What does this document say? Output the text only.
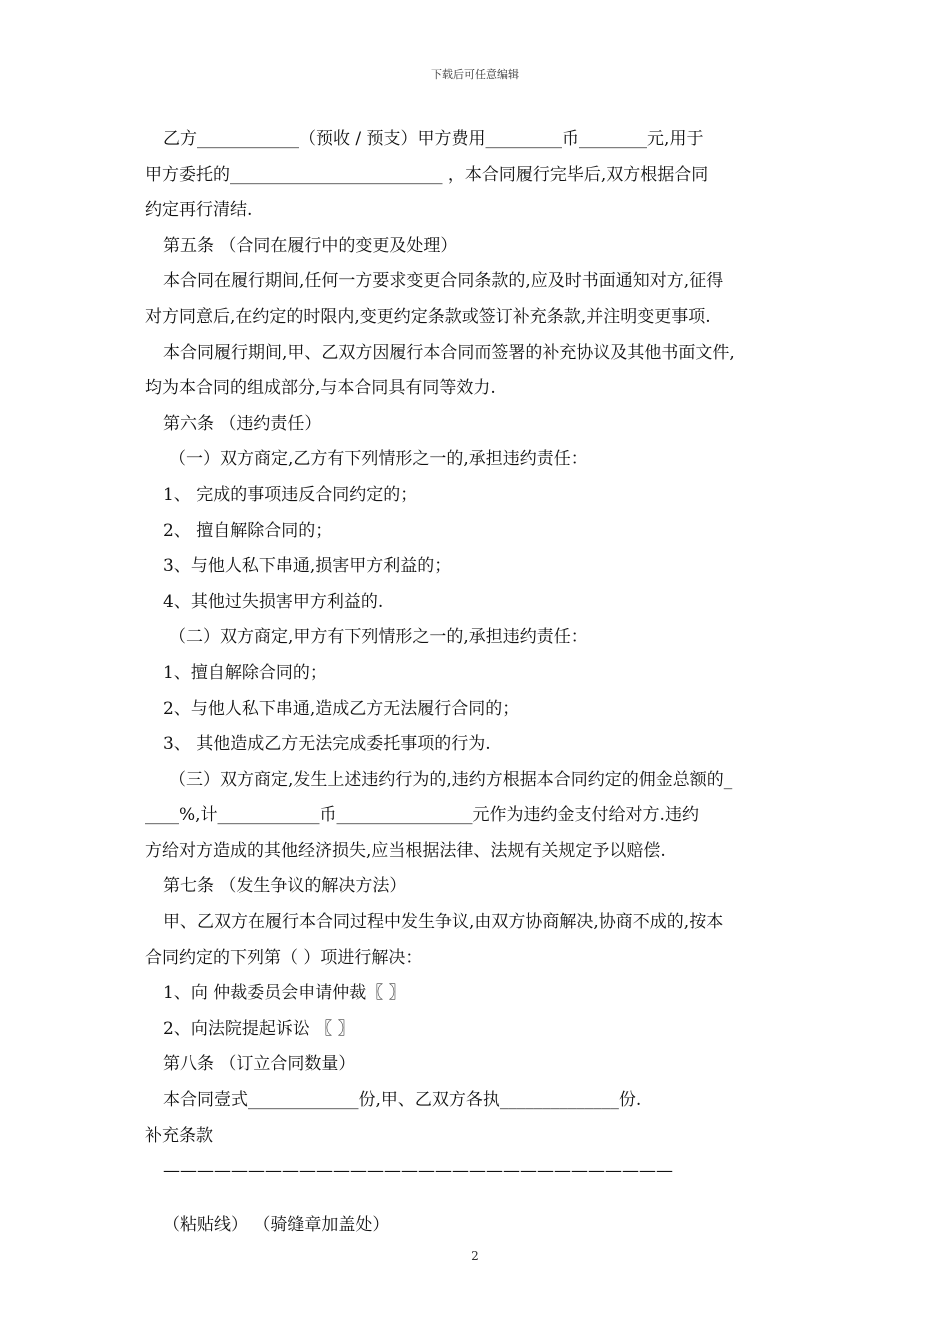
下载后可任意编辑
乙方____________（预收 / 预支）甲方费用_________币________元,用于
甲方委托的_________________________ ，本合同履行完毕后,双方根据合同
约定再行清结.
第五条 （合同在履行中的变更及处理）
本合同在履行期间,任何一方要求变更合同条款的,应及时书面通知对方,征得
对方同意后,在约定的时限内,变更约定条款或签订补充条款,并注明变更事项.
本合同履行期间,甲、乙双方因履行本合同而签署的补充协议及其他书面文件,
均为本合同的组成部分,与本合同具有同等效力.
第六条 （违约责任）
（一）双方商定,乙方有下列情形之一的,承担违约责任：
1、 完成的事项违反合同约定的；
2、 擅自解除合同的；
3、与他人私下串通,损害甲方利益的；
4、其他过失损害甲方利益的.
（二）双方商定,甲方有下列情形之一的,承担违约责任：
1、擅自解除合同的；
2、与他人私下串通,造成乙方无法履行合同的；
3、 其他造成乙方无法完成委托事项的行为.
（三）双方商定,发生上述违约行为的,违约方根据本合同约定的佣金总额的_
____%,计____________币________________元作为违约金支付给对方.违约
方给对方造成的其他经济损失,应当根据法律、法规有关规定予以赔偿.
第七条 （发生争议的解决方法）
甲、乙双方在履行本合同过程中发生争议,由双方协商解决,协商不成的,按本
合同约定的下列第（ ）项进行解决：
1、向 仲裁委员会申请仲裁〖 〗
2、向法院提起诉讼 〖 〗
第八条 （订立合同数量）
本合同壹式_____________份,甲、乙双方各执______________份.
补充条款
——————————————————————————————
（粘贴线） （骑缝章加盖处）
2
